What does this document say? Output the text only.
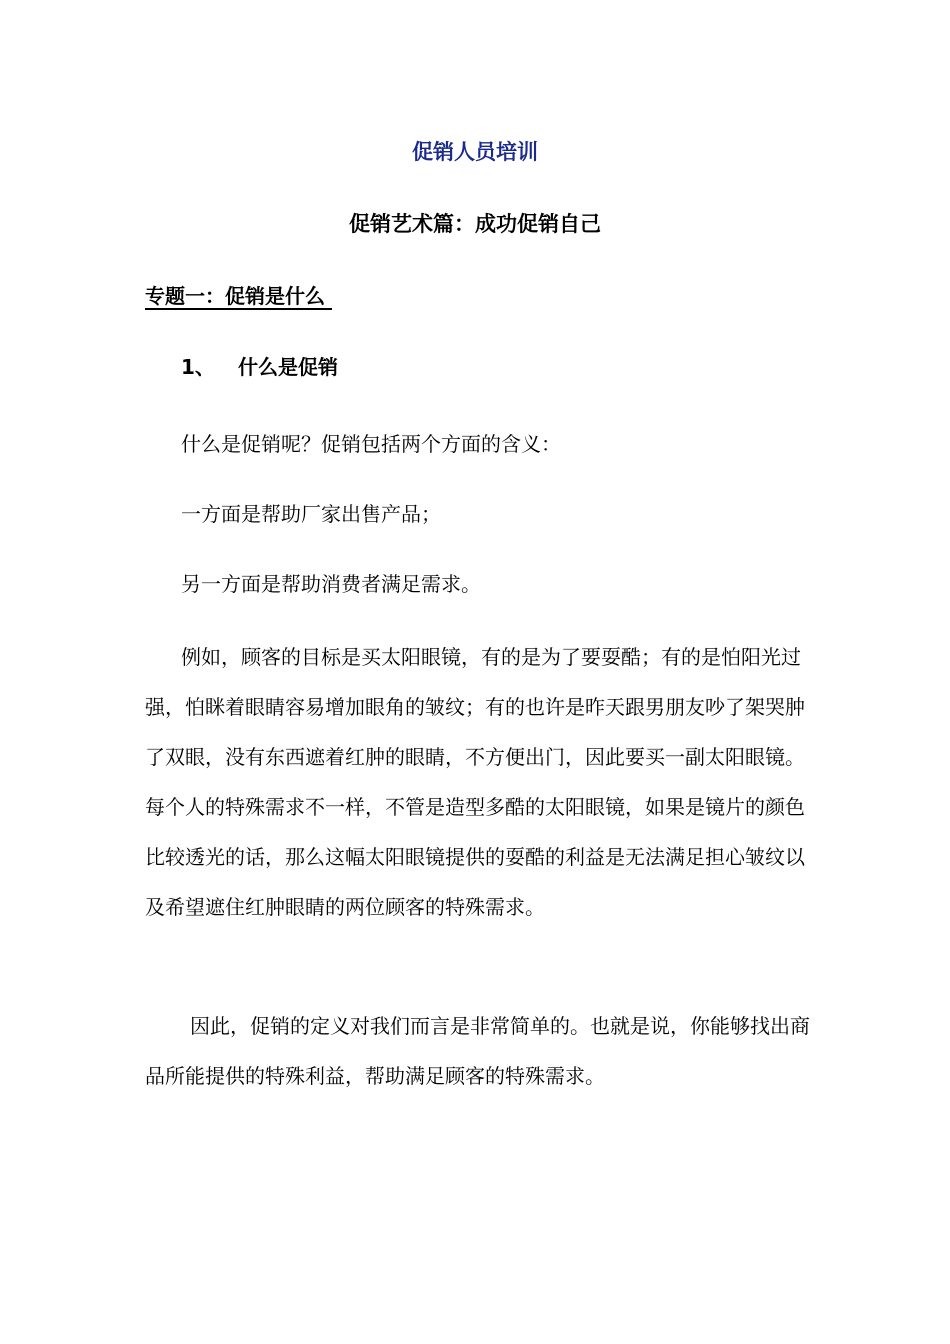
促销人员培训
促销艺术篇：成功促销自己
专题一：促销是什么
1、 什么是促销

什么是促销呢？促销包括两个方面的含义：

一方面是帮助厂家出售产品；

另一方面是帮助消费者满足需求。

例如，顾客的目标是买太阳眼镜，有的是为了要耍酷；有的是怕阳光过强，怕眯着眼睛容易增加眼角的皱纹；有的也许是昨天跟男朋友吵了架哭肿了双眼，没有东西遮着红肿的眼睛，不方便出门，因此要买一副太阳眼镜。每个人的特殊需求不一样，不管是造型多酷的太阳眼镜，如果是镜片的颜色比较透光的话，那么这幅太阳眼镜提供的耍酷的利益是无法满足担心皱纹以及希望遮住红肿眼睛的两位顾客的特殊需求。

因此，促销的定义对我们而言是非常简单的。也就是说，你能够找出商品所能提供的特殊利益，帮助满足顾客的特殊需求。
